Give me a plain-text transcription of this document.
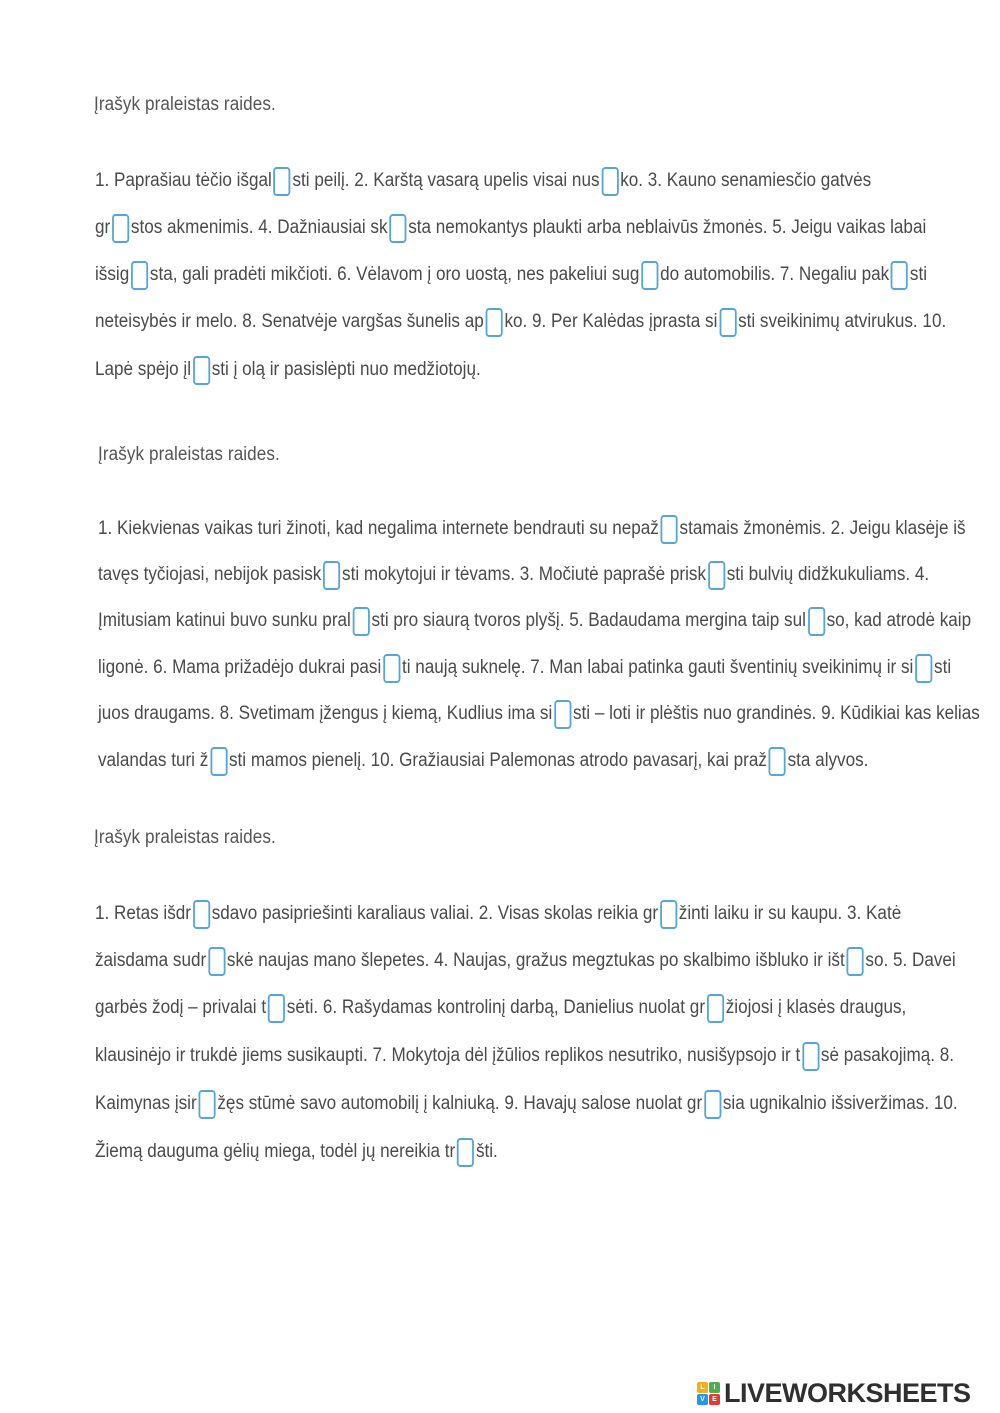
Įrašyk praleistas raides.
1. Paprašiau tėčio išgal sti peilį. 2. Karštą vasarą upelis visai nus ko. 3. Kauno senamiesčio gatvės
gr stos akmenimis. 4. Dažniausiai sk sta nemokantys plaukti arba neblaivūs žmonės. 5. Jeigu vaikas labai
išsig sta, gali pradėti mikčioti. 6. Vėlavom į oro uostą, nes pakeliui sug do automobilis. 7. Negaliu pak sti
neteisybės ir melo. 8. Senatvėje vargšas šunelis ap ko. 9. Per Kalėdas įprasta si sti sveikinimų atvirukus. 10.
Lapė spėjo įl sti į olą ir pasislėpti nuo medžiotojų.
Įrašyk praleistas raides.
1. Kiekvienas vaikas turi žinoti, kad negalima internete bendrauti su nepaž stamais žmonėmis. 2. Jeigu klasėje iš
tavęs tyčiojasi, nebijok pasisk sti mokytojui ir tėvams. 3. Močiutė paprašė prisk sti bulvių didžkukuliams. 4.
Įmitusiam katinui buvo sunku pral sti pro siaurą tvoros plyšį. 5. Badaudama mergina taip sul so, kad atrodė kaip
ligonė. 6. Mama prižadėjo dukrai pasi ti naują suknelę. 7. Man labai patinka gauti šventinių sveikinimų ir si sti
juos draugams. 8. Svetimam įžengus į kiemą, Kudlius ima si sti – loti ir plėštis nuo grandinės. 9. Kūdikiai kas kelias
valandas turi ž sti mamos pienelį. 10. Gražiausiai Palemonas atrodo pavasarį, kai praž sta alyvos.
Įrašyk praleistas raides.
1. Retas išdr sdavo pasipriešinti karaliaus valiai. 2. Visas skolas reikia gr žinti laiku ir su kaupu. 3. Katė
žaisdama sudr skė naujas mano šlepetes. 4. Naujas, gražus megztukas po skalbimo išbluko ir išt so. 5. Davei
garbės žodį – privalai t sėti. 6. Rašydamas kontrolinį darbą, Danielius nuolat gr žiojosi į klasės draugus,
klausinėjo ir trukdė jiems susikaupti. 7. Mokytoja dėl įžūlios replikos nesutriko, nusišypsojo ir t sė pasakojimą. 8.
Kaimynas įsir žęs stūmė savo automobilį į kalniuką. 9. Havajų salose nuolat gr sia ugnikalnio išsiveržimas. 10.
Žiemą dauguma gėlių miega, todėl jų nereikia tr šti.
L	I
V	E LIVEWORKSHEETS
